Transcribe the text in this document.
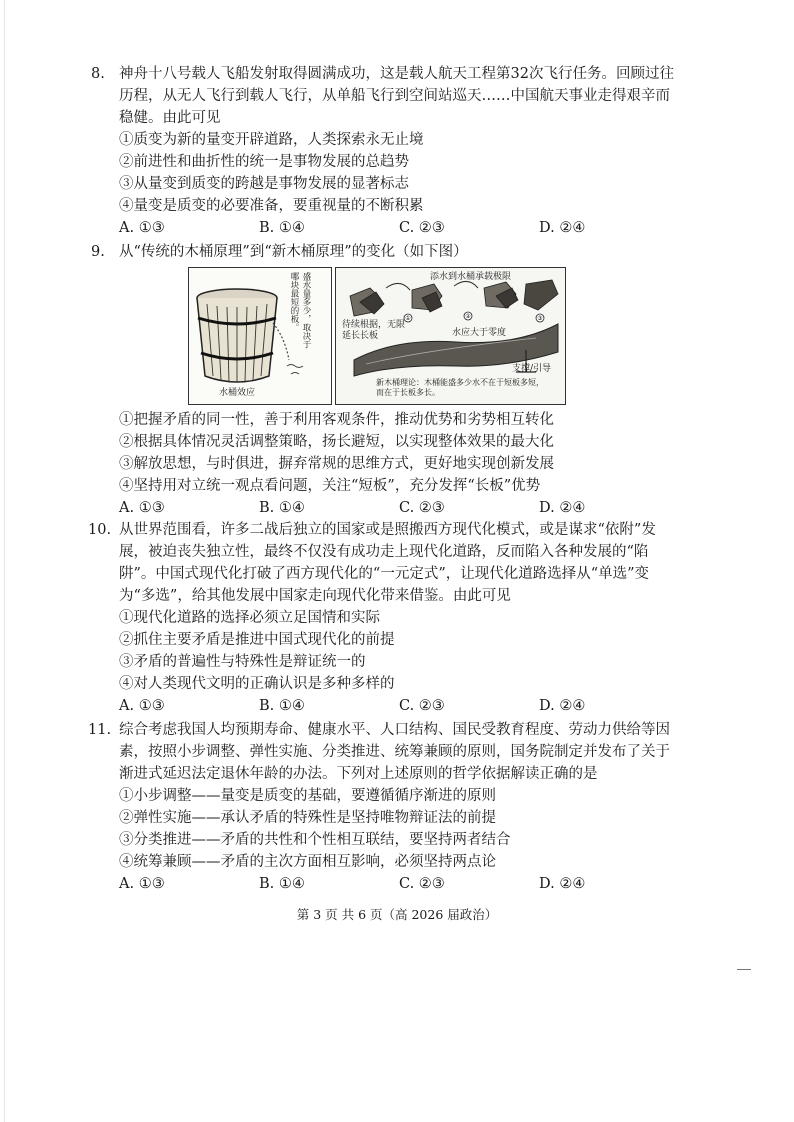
8. 神舟十八号载人飞船发射取得圆满成功，这是载人航天工程第32次飞行任务。回顾过往历程，从无人飞行到载人飞行，从单船飞行到空间站巡天……中国航天事业走得艰辛而稳健。由此可见
①质变为新的量变开辟道路，人类探索永无止境
②前进性和曲折性的统一是事物发展的总趋势
③从量变到质变的跨越是事物发展的显著标志
④量变是质变的必要准备，要重视量的不断积累
A. ①③	B. ①④	C. ②③	D. ②④
9. 从“传统的木桶原理”到“新木桶原理”的变化（如下图）
盛水量多少，取决于
哪块最短的板。
水桶效应
①	②	③
添水到水桶承载极限
待续根据，无限延长长板	水应大于零度
支撑/引导
新木桶理论：木桶能盛多少水不在于短板多短，而在于长板多长。
①把握矛盾的同一性，善于利用客观条件，推动优势和劣势相互转化
②根据具体情况灵活调整策略，扬长避短，以实现整体效果的最大化
③解放思想，与时俱进，摒弃常规的思维方式，更好地实现创新发展
④坚持用对立统一观点看问题，关注“短板”，充分发挥“长板”优势
A. ①③	B. ①④	C. ②③	D. ②④
10. 从世界范围看，许多二战后独立的国家或是照搬西方现代化模式，或是谋求“依附”发展，被迫丧失独立性，最终不仅没有成功走上现代化道路，反而陷入各种发展的“陷阱”。中国式现代化打破了西方现代化的“一元定式”，让现代化道路选择从“单选”变为“多选”，给其他发展中国家走向现代化带来借鉴。由此可见
①现代化道路的选择必须立足国情和实际
②抓住主要矛盾是推进中国式现代化的前提
③矛盾的普遍性与特殊性是辩证统一的
④对人类现代文明的正确认识是多种多样的
A. ①③	B. ①④	C. ②③	D. ②④
11. 综合考虑我国人均预期寿命、健康水平、人口结构、国民受教育程度、劳动力供给等因素，按照小步调整、弹性实施、分类推进、统筹兼顾的原则，国务院制定并发布了关于渐进式延迟法定退休年龄的办法。下列对上述原则的哲学依据解读正确的是
①小步调整——量变是质变的基础，要遵循循序渐进的原则
②弹性实施——承认矛盾的特殊性是坚持唯物辩证法的前提
③分类推进——矛盾的共性和个性相互联结，要坚持两者结合
④统筹兼顾——矛盾的主次方面相互影响，必须坚持两点论
A. ①③	B. ①④	C. ②③	D. ②④
第 3 页 共 6 页（高 2026 届政治）
